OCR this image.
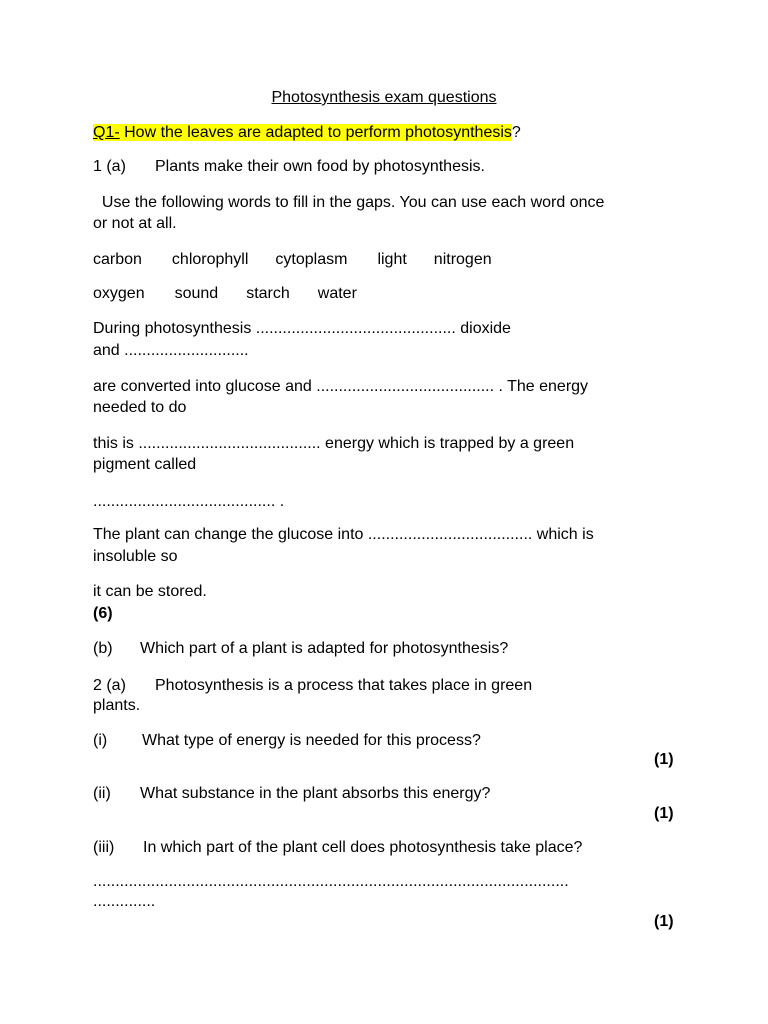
Photosynthesis exam questions
Q1- How the leaves are adapted to perform photosynthesis?
1 (a) Plants make their own food by photosynthesis.
Use the following words to fill in the gaps. You can use each word once
or not at all.
carbon chlorophyll cytoplasm light nitrogen
oxygen sound starch water
During photosynthesis ............................................. dioxide
and ............................
are converted into glucose and ........................................ . The energy
needed to do
this is ......................................... energy which is trapped by a green
pigment called
......................................... .
The plant can change the glucose into ..................................... which is
insoluble so
it can be stored.
(6)
(b) Which part of a plant is adapted for photosynthesis?
2 (a) Photosynthesis is a process that takes place in green
plants.
(i) What type of energy is needed for this process?
(1)
(ii) What substance in the plant absorbs this energy?
(1)
(iii) In which part of the plant cell does photosynthesis take place?
...........................................................................................................
..............
(1)
